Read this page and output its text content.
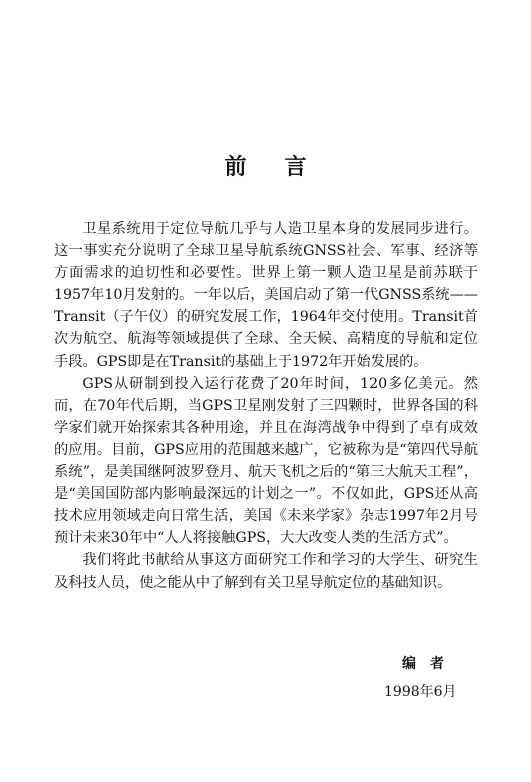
前言

卫星系统用于定位导航几乎与人造卫星本身的发展同步进行。这一事实充分说明了全球卫星导航系统GNSS社会、军事、经济等方面需求的迫切性和必要性。世界上第一颗人造卫星是前苏联于1957年10月发射的。一年以后，美国启动了第一代GNSS系统——Transit（子午仪）的研究发展工作，1964年交付使用。Transit首次为航空、航海等领域提供了全球、全天候、高精度的导航和定位手段。GPS即是在Transit的基础上于1972年开始发展的。

GPS从研制到投入运行花费了20年时间，120多亿美元。然而，在70年代后期，当GPS卫星刚发射了三四颗时，世界各国的科学家们就开始探索其各种用途，并且在海湾战争中得到了卓有成效的应用。目前，GPS应用的范围越来越广，它被称为是“第四代导航系统”，是美国继阿波罗登月、航天飞机之后的“第三大航天工程”，是“美国国防部内影响最深远的计划之一”。不仅如此，GPS还从高技术应用领域走向日常生活，美国《未来学家》杂志1997年2月号预计未来30年中“人人将接触GPS，大大改变人类的生活方式”。

我们将此书献给从事这方面研究工作和学习的大学生、研究生及科技人员，使之能从中了解到有关卫星导航定位的基础知识。

编者
1998年6月
